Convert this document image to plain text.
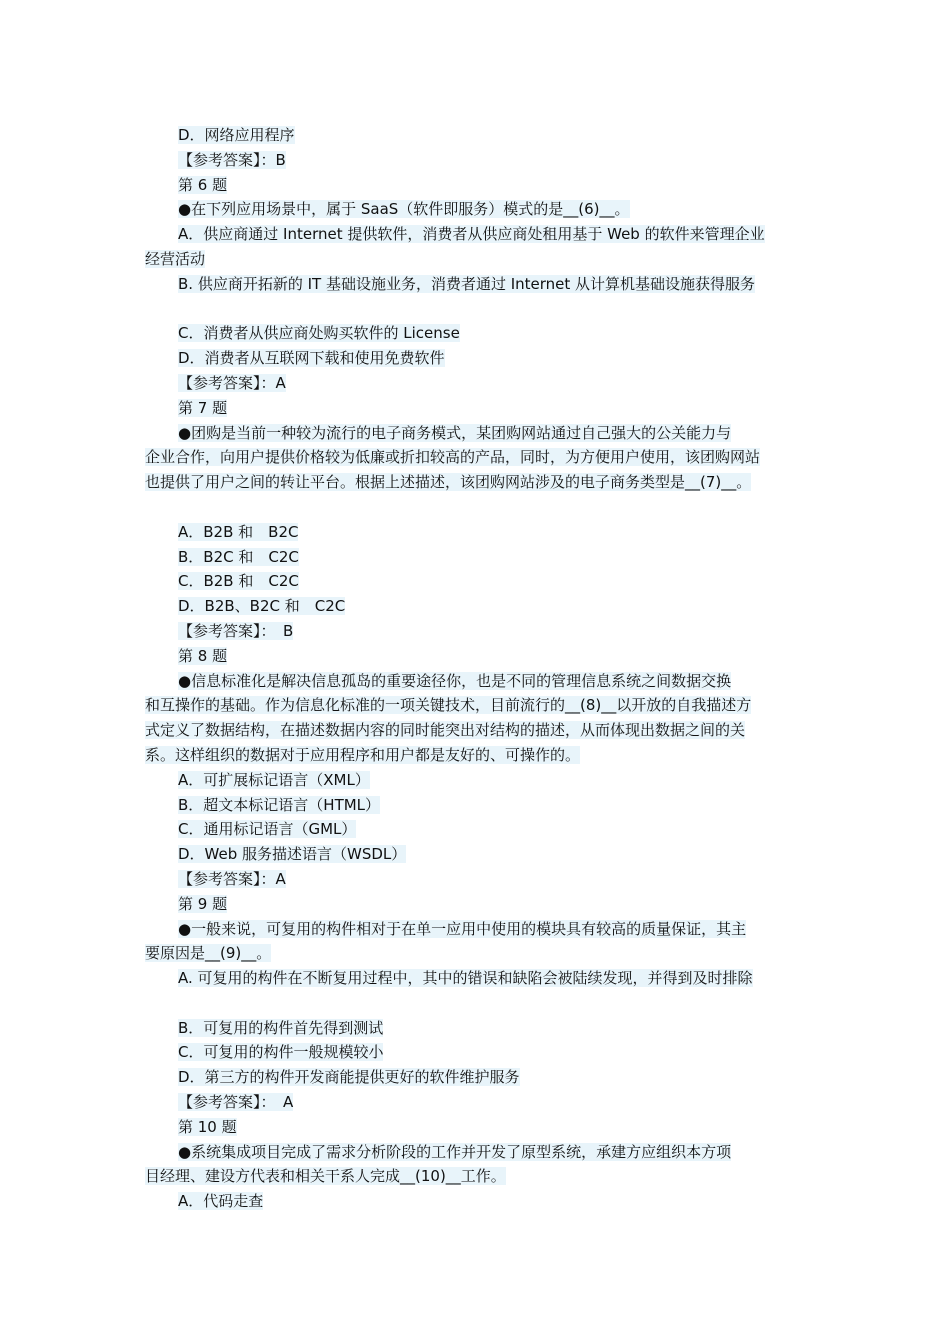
D．网络应用程序
【参考答案】：B
第 6 题
●在下列应用场景中，属于 SaaS（软件即服务）模式的是__(6)__。
A．供应商通过 Internet 提供软件，消费者从供应商处租用基于 Web 的软件来管理企业
经营活动
B. 供应商开拓新的 IT 基础设施业务，消费者通过 Internet 从计算机基础设施获得服务
C．消费者从供应商处购买软件的 License
D．消费者从互联网下载和使用免费软件
【参考答案】：A
第 7 题
●团购是当前一种较为流行的电子商务模式，某团购网站通过自己强大的公关能力与
企业合作，向用户提供价格较为低廉或折扣较高的产品，同时，为方便用户使用，该团购网站
也提供了用户之间的转让平台。根据上述描述，该团购网站涉及的电子商务类型是__(7)__。
A．B2B 和　B2C
B．B2C 和　C2C
C．B2B 和　C2C
D．B2B、B2C 和　C2C
【参考答案】：　B
第 8 题
●信息标准化是解决信息孤岛的重要途径你，也是不同的管理信息系统之间数据交换
和互操作的基础。作为信息化标准的一项关键技术，目前流行的__(8)__以开放的自我描述方
式定义了数据结构，在描述数据内容的同时能突出对结构的描述，从而体现出数据之间的关
系。这样组织的数据对于应用程序和用户都是友好的、可操作的。
A．可扩展标记语言（XML）
B．超文本标记语言（HTML）
C．通用标记语言（GML）
D．Web 服务描述语言（WSDL）
【参考答案】：A
第 9 题
●一般来说，可复用的构件相对于在单一应用中使用的模块具有较高的质量保证，其主
要原因是__(9)__。
A. 可复用的构件在不断复用过程中，其中的错误和缺陷会被陆续发现，并得到及时排除
B．可复用的构件首先得到测试
C．可复用的构件一般规模较小
D．第三方的构件开发商能提供更好的软件维护服务
【参考答案】：　A
第 10 题
●系统集成项目完成了需求分析阶段的工作并开发了原型系统，承建方应组织本方项
目经理、建设方代表和相关干系人完成__(10)__工作。
A．代码走查
